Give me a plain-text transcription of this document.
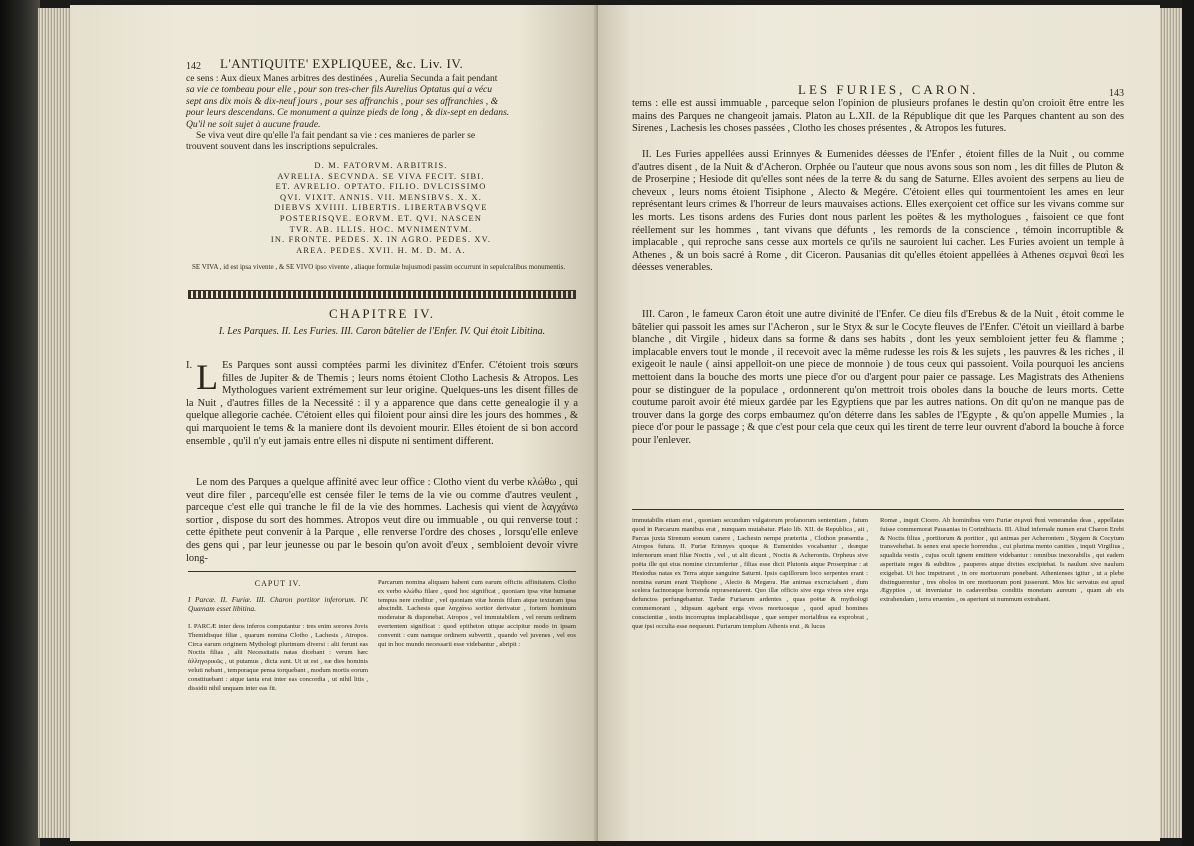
142 L'ANTIQUITE' EXPLIQUEE, &c. Liv. IV.
ce sens : Aux dieux Manes arbitres des destinées , Aurelia Secunda a fait pendant
sa vie ce tombeau pour elle , pour son tres-cher fils Aurelius Optatus qui a vécu
sept ans dix mois & dix-neuf jours , pour ses affranchis , pour ses affranchies , &
pour leurs descendans. Ce monument a quinze pieds de long , & dix-sept en dedans.
Qu'il ne soit sujet à aucune fraude.
Se viva veut dire qu'elle l'a fait pendant sa vie : ces manieres de parler se
trouvent souvent dans les inscriptions sepulcrales.
D. M. FATORVM. ARBITRIS.
AVRELIA. SECVNDA. SE VIVA FECIT. SIBI.
ET. AVRELIO. OPTATO. FILIO. DVLCISSIMO
QVI. VIXIT. ANNIS. VII. MENSIBVS. X. X.
DIEBVS XVIIII. LIBERTIS. LIBERTABVSQVE
POSTERISQVE. EORVM. ET. QVI. NASCEN
TVR. AB. ILLIS. HOC. MVNIMENTVM.
IN. FRONTE. PEDES. X. IN AGRO. PEDES. XV.
AREA. PEDES. XVII. H. M. D. M. A.
SE VIVA , id est ipsa vivente , & SE VIVO ipso vivente , aliaque formulæ hujusmodi passim occurrunt in sepulcralibus monumentis.
CHAPITRE IV.
I. Les Parques. II. Les Furies. III. Caron bâtelier de l'Enfer. IV. Qui étoit Libitina.
I. L Es Parques sont aussi comptées parmi les divinitez d'Enfer. C'étoient trois sœurs filles de Jupiter & de Themis ; leurs noms étoient Clotho Lachesis & Atropos. Les Mythologues varient extrémement sur leur origine. Quelques-uns les disent filles de la Nuit , d'autres filles de la Necessité : il y a apparence que dans cette genealogie il y a quelque allegorie cachée. C'étoient elles qui filoient pour ainsi dire les jours des hommes , & qui marquoient le tems & la maniere dont ils devoient mourir. Elles étoient de si bon accord ensemble , qu'il n'y eut jamais entre elles ni dispute ni sentiment different.
Le nom des Parques a quelque affinité avec leur office : Clotho vient du verbe κλώθω , qui veut dire filer , parcequ'elle est censée filer le tems de la vie ou comme d'autres veulent , parceque c'est elle qui tranche le fil de la vie des hommes. Lachesis qui vient de λαγχάνω sortior , dispose du sort des hommes. Atropos veut dire ou immuable , ou qui renverse tout : cette épithete peut convenir à la Parque , elle renverse l'ordre des choses , lorsqu'elle enleve des gens qui , par leur jeunesse ou par le besoin qu'on avoit d'eux , sembloient devoir vivre long-
CAPUT IV.
I Parcæ. II. Furiæ. III. Charon portitor inferorum. IV. Quænam esset libitina.
I. PARCÆ inter deos inferos computantur : tres enim sorores Jovis Themidisque filiæ , quarum nomina Clotho , Lachesis , Atropos. Circa earum originem Mythologi plurimum diversi : alii ferunt eas Noctis filias , alii Necessitatis natas dicebant : verum hæc ἀλληγορικῶς , ut putamus , dicta sunt. Ut ut est , eæ dies hominis veluti nebant , temporaque pensa torquebant , modum mortis eorum constituebant : atque tanta erat inter eas concordia , ut nihil litis , dissidii nihil unquam inter eas fit.
Parcarum nomina aliquam habent cum earum officiis affinitatem. Clotho ex verbo κλώθω filare , quod hoc significat , quoniam ipsa vitæ humanæ tempus nere creditur , vel quoniam vitæ homis filum atque texturam ipsa abscindit. Lachesis quæ λαγχάνω sortior derivatur , fortem hominum moderatur & disponebat. Atropos , vel immutabilem , vel rerum ordinem evertentem significat : quod epitheton utique accipitur modo in ipsam convenit : cum namque ordinem subvertit , quando vel juvenes , vel eos qui in hoc mundo necessarii esse videbantur , abripit :
LES FURIES, CARON.	143
tems : elle est aussi immuable , parceque selon l'opinion de plusieurs profanes le destin qu'on croioit être entre les mains des Parques ne changeoit jamais. Platon au L.XII. de la République dit que les Parques chantent au son des Sirenes , Lachesis les choses passées , Clotho les choses présentes , & Atropos les futures.
II. Les Furies appellées aussi Erinnyes & Eumenides déesses de l'Enfer , étoient filles de la Nuit , ou comme d'autres disent , de la Nuit & d'Acheron. Orphée ou l'auteur que nous avons sous son nom , les dit filles de Pluton & de Proserpine ; Hesiode dit qu'elles sont nées de la terre & du sang de Saturne. Elles avoient des serpens au lieu de cheveux , leurs noms étoient Tisiphone , Alecto & Megére. C'étoient elles qui tourmentoient les ames en leur représentant leurs crimes & l'horreur de leurs mauvaises actions. Elles exerçoient cet office sur les vivans comme sur les morts. Les tisons ardens des Furies dont nous parlent les poëtes & les mythologues , faisoient ce que font réellement sur les hommes , tant vivans que défunts , les remords de la conscience , témoin incorruptible & implacable , qui reproche sans cesse aux mortels ce qu'ils ne sauroient lui cacher. Les Furies avoient un temple à Athenes , & un bois sacré à Rome , dit Ciceron. Pausanias dit qu'elles étoient appellées à Athenes σεμναὶ θεαὶ les déesses venerables.
III. Caron , le fameux Caron étoit une autre divinité de l'Enfer. Ce dieu fils d'Erebus & de la Nuit , étoit comme le bâtelier qui passoit les ames sur l'Acheron , sur le Styx & sur le Cocyte fleuves de l'Enfer. C'étoit un vieillard à barbe blanche , dit Virgile , hideux dans sa forme & dans ses habits , dont les yeux sembloient jetter feu & flamme ; implacable envers tout le monde , il recevoit avec la même rudesse les rois & les sujets , les pauvres & les riches , il exigeoit le naule ( ainsi appelloit-on une piece de monnoie ) de tous ceux qui passoient. Voila pourquoi les anciens mettoient dans la bouche des morts une piece d'or ou d'argent pour paier ce passage. Les Magistrats des Atheniens pour se distinguer de la populace , ordonnerent qu'on mettroit trois oboles dans la bouche de leurs morts. Cette coutume paroit avoir été mieux gardée par les Egyptiens que par les autres nations. On dit qu'on ne manque pas de trouver dans la gorge des corps embaumez qu'on déterre dans les sables de l'Egypte , & qu'on appelle Mumies , la piece d'or pour le passage ; & que c'est pour cela que ceux qui les tirent de terre leur ouvrent d'abord la bouche à force pour l'enlever.
immutabilis etiam erat , quoniam secundum vulgatorum profanorum sententiam , fatum quod in Parcarum manibus erat , nunquam mutabatur. Plato lib. XII. de Republica , ait , Parcas juxta Sirenum sonum canere , Lachesin nempe præterita , Clothon præsentia , Atropos futura. II. Furiæ Erinnyes quoque & Eumenides vocabantur , deæque infernorum erant filiæ Noctis , vel , ut alii dicunt , Noctis & Acherontis. Orpheus sive poëta ille qui eius nomine circumfertur , filias esse dicit Plutonis atque Proserpinæ : at Hesiodus natas ex Terra atque sanguine Saturni. Ipsis capillorum loco serpentes erant : nomina earum erant Tisiphone , Alecto & Megæra. Hæ animas excruciabant , dum scelera facinoraque horrenda repræsentarent. Quo illæ officio sive erga vivos sive erga defunctos perfungebantur. Tædæ Furiarum ardentes , quas poëtæ & mythologi commemorant , idipsum agebant erga vivos mortuosque , quod apud homines conscientiæ , testis incorruptus implacabilisque , quæ semper mortalibus ea exprobrat , quæ ipsi occulta esse nequeunt. Furiarum templum Athenis erat , & lucus
Romæ , inquit Cicero. Ab hominibus vero Furiæ σεμναὶ θεαὶ venerandas deas , appellatas fuisse commemorat Pausanias in Corinthiacis. III. Aliud infernale numen erat Charon Erebi & Noctis filius , portitorum & portitor , qui animas per Acherontem , Stygem & Cocytum transvehebat. Is senex erat specie horrendus , cui plurima mento canities , inquit Virgilius , squalida vestis , cujus oculi ignem emittere videbantur : omnibus inexorabilis , qui eadem asperitate reges & subditos , pauperes atque divites excipiebat. Is naulum sive naulum exigebat. Ut hoc impetraret , in ore mortuorum ponebant. Athenienses igitur , ut a plebe distinguerentur , tres obolos in ore mortuorum poni jusserunt. Mos hic servatus est apud Ægyptios , ut inveniatur in cadaveribus conditis monetam aureum , quam ab eis extrahendam , terra eruentes , os aperiunt ut nummum extrahant.
